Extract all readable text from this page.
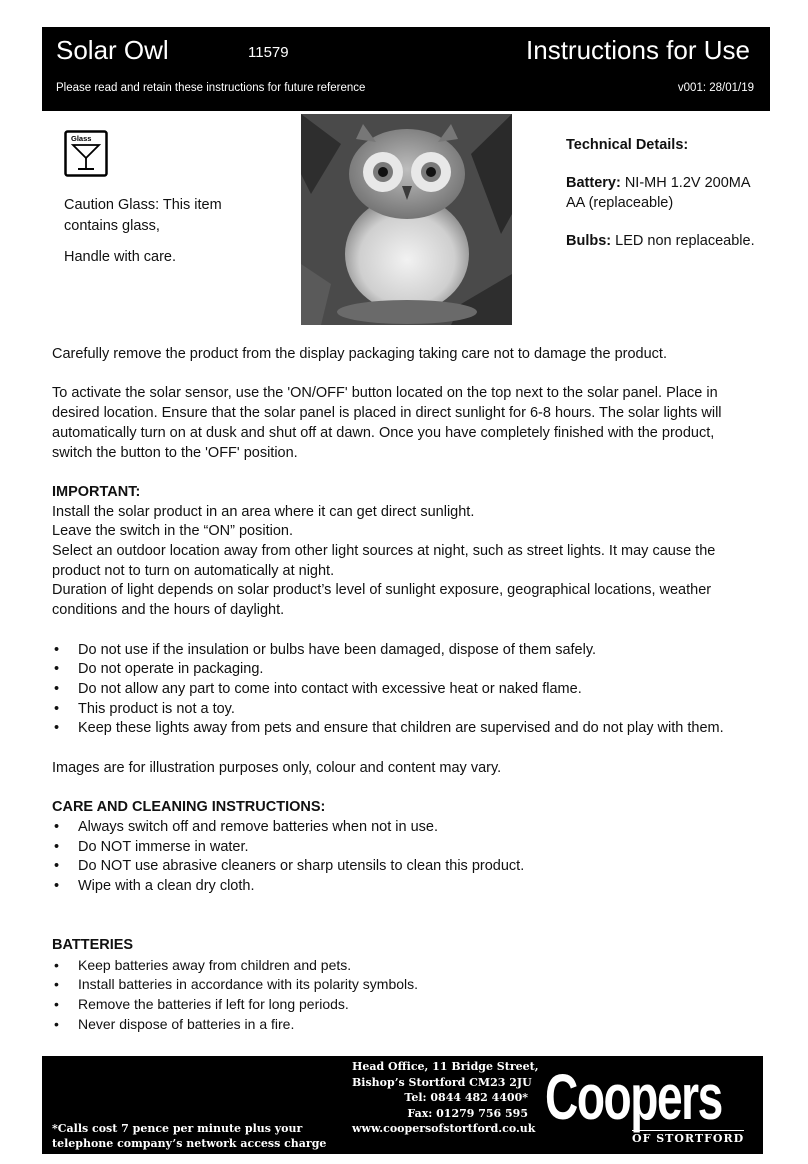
Solar Owl	11579	Instructions for Use
Please read and retain these instructions for future reference	v001: 28/01/19
Glass

Caution Glass: This item contains glass,

Handle with care.

Technical Details:

Battery: NI-MH 1.2V 200MA AA (replaceable)

Bulbs: LED non replaceable.

Carefully remove the product from the display packaging taking care not to damage the product.

To activate the solar sensor, use the 'ON/OFF' button located on the top next to the solar panel. Place in desired location. Ensure that the solar panel is placed in direct sunlight for 6-8 hours. The solar lights will automatically turn on at dusk and shut off at dawn. Once you have completely finished with the product, switch the button to the 'OFF' position.

IMPORTANT:

Install the solar product in an area where it can get direct sunlight.

Leave the switch in the “ON” position.

Select an outdoor location away from other light sources at night, such as street lights. It may cause the product not to turn on automatically at night.

Duration of light depends on solar product’s level of sunlight exposure, geographical locations, weather conditions and the hours of daylight.

• Do not use if the insulation or bulbs have been damaged, dispose of them safely.
• Do not operate in packaging.
• Do not allow any part to come into contact with excessive heat or naked flame.
• This product is not a toy.
• Keep these lights away from pets and ensure that children are supervised and do not play with them.

Images are for illustration purposes only, colour and content may vary.

CARE AND CLEANING INSTRUCTIONS:

• Always switch off and remove batteries when not in use.
• Do NOT immerse in water.
• Do NOT use abrasive cleaners or sharp utensils to clean this product.
• Wipe with a clean dry cloth.

BATTERIES

• Keep batteries away from children and pets.
• Install batteries in accordance with its polarity symbols.
• Remove the batteries if left for long periods.
• Never dispose of batteries in a fire.
Head Office, 11 Bridge Street,
Bishop’s Stortford CM23 2JU
Tel: 0844 482 4400*
Fax: 01279 756 595
www.coopersofstortford.co.uk
*Calls cost 7 pence per minute plus your
telephone company’s network access charge
Coopers
OF STORTFORD
